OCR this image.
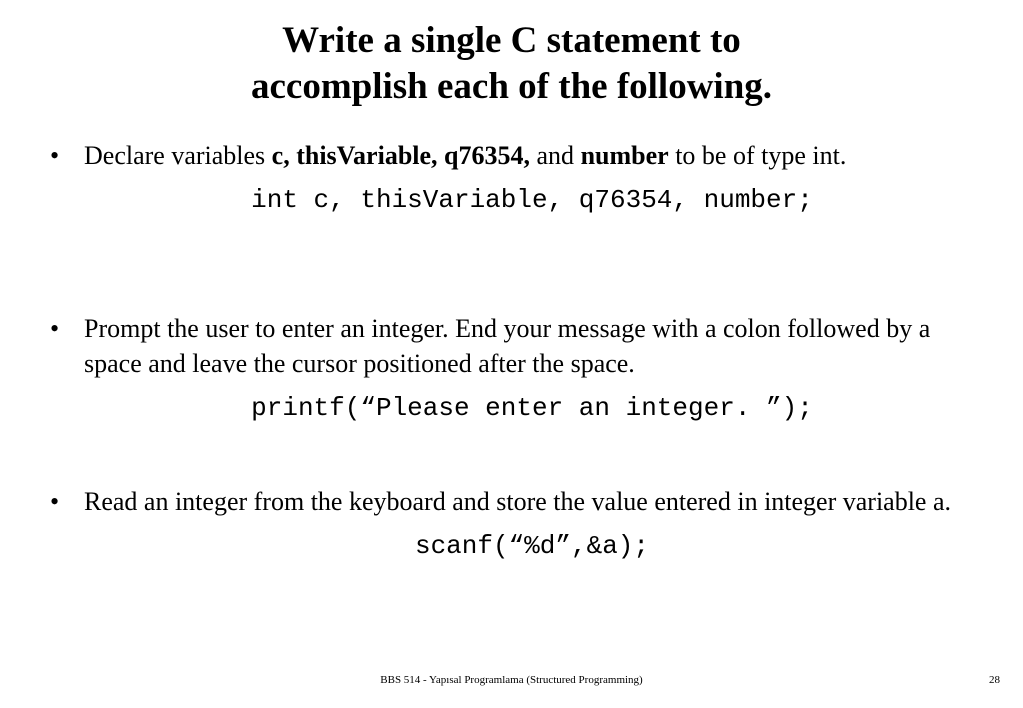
Write a single C statement to
accomplish each of the following.
• Declare variables c, thisVariable, q76354, and number to be of type int.
int c, thisVariable, q76354, number;
• Prompt the user to enter an integer. End your message with a colon followed by a space and leave the cursor positioned after the space.
printf(“Please enter an integer. ”);
• Read an integer from the keyboard and store the value entered in integer variable a.
scanf(“%d”,&a);
BBS 514 - Yapısal Programlama (Structured Programming)	28
